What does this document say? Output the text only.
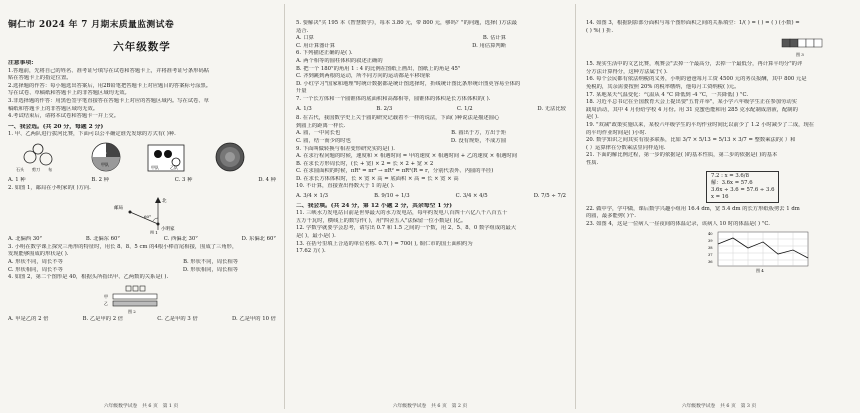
铜仁市 2024 年 7 月期末质量监测试卷
六年级数学
注意事项:
1.答题前，先将自己的姓名、准考证号填写在试卷和答题卡上，并将准考证号条形码粘
贴在答题卡上的指定位置。
2.选择题的作答：每小题选出答案后，用2B铅笔把答题卡上对应题目的答案标号涂黑。
写在试卷、草稿纸和答题卡上的非答题区域均无效。
3.非选择题的作答：用黑色签字笔直接答在答题卡上对应的答题区域内。写在试卷、草
稿纸和答题卡上的非答题区域均无效。
4.考试结束后，请将本试卷和答题卡一并上交。
一、我会选。(共 20 分，每题 2 分)
1. 甲、乙两队进行拔河比赛，下面可以公平确定谁先发球的方式有( )种.
石头 剪刀 布
乙队
甲队
甲队	乙队
A. 1 种	B. 2 种	C. 3 种	D. 4 种
2. 如图 1，邮局在小明家的( )方向.
北
小明家
邮局
60°
图 1
A. 北偏西 30°	B. 北偏东 60°	C. 西偏北 30°	D. 东偏北 60°
3. 小明在数学课上探究三角形的特征时，用长 8、8、5 cm 的4根小棒首尾相接，围成了三角形，
发现能够围成的形状是( ).
A. 形状不同，周长不等	B. 形状不同，周长相等
C. 形状相同，周长不等	D. 形状相同，周长相等
4. 如图 2，第二个图形是 40，根据头所指出甲、乙两数的关系是( ).
甲
乙
图 2
A. 甲是乙的 2 倍	B. 乙是甲的 2 倍	C. 乙是甲的 3 倍	D. 乙是甲的 10 倍
六年级数学试卷　共 6 页　第 1 页
5. 要解决"买 195 本《智慧数学》，每本 3.80 元，带 800 元，够吗？"的问题，选择( )方法最
适合.
A. 口算	B. 估计算
C. 用计算器计算	D. 用估算判断
6. 下列描述正确的是( ).
A. 两个相等的圆柱体积的叙述正确的
B. 把一个 180°的角用 1 : 4 的比例在图纸上画出，图纸上的角是 45°
C. 齐到跳到两根的运动，所不同方向的运动都是平移现象
D. 小红学习"国家和地理"时统计数据都是统计图选择时，折线统计图比条形统计图更容易全体的
升量
7. 一个长方体和一个圆锥体的底面积和高都相等，圆锥体的体积是长方体体积的( ).
A. 1/3	B. 2/3	C. 1/2	D. 无法比较
8. 在古代，我国数学史上关于圆的研究记载着不一样的说法，下面( )种说法是描述圆心
到圆上的距离一样长.
A. 圆，一中同长也	B. 圆出于方，方出于矩
C. 圆，结一而少的时也	D. 没有规矩，不成方圆
9. 下面叫做转换与相差变形研究实的是( ).
A. 在求行程问题的时候，速度和 × 相遇时间 = 甲的速度 × 相遇时间 + 乙的速度 × 相遇时间
B. 在求长方形周长时，(长 + 宽) × 2 = 长 × 2 + 宽 × 2
C. 在求圆面积的时候，πR² = πr² → πR² = πR²(R = r，分别代表外、内圆的半径)
D. 在求长方体体积时，长 × 宽 × 高 = 底面积 × 高 = 长 × 宽 × 高
10. 不计算，直接查出得数大于 1 的是( ).
A. 3/4 × 1/3	B. 9/10 ÷ 1/3	C. 3/4 × 4/5	D. 7/5 ÷ 7/2
二、我会填。(共 24 分，第 12 小题 2 分，其余每空 1 分)
11. 三峡水力发电站目前是世界最大的水力发电站，每年约发电八百四十六亿八千八百五十
五万千瓦时，横线上的数写作( )，用"四舍五入"法保留一位小数是( )亿。
12. 学数学就要学会思考，请写出 0.7 和 1.5 之间的一个数，用 2、5、8、0 数字组成的最大
是( )，最小是( ).
13. 在括号里填上合适的单位名称. 0.7( ) = 700( ), 铜仁市的国土面积约为
17.62 万( ).
六年级数学试卷　共 6 页　第 2 页
14. 如图 3，根据阴影部分面积与每个图形面积之间的关系填空：1/( ) = ( ) = ( ) (小数) =
( ) %( ) 折.
图 3
15. 现实生活中的文艺比赛，观赛会"去掉一个最高分，去掉一个最低分，再计算平均分"的评
分方法计算得分，这种方法属于( ).
16. 每个公民都有依法纳税的义务，小明的爸爸每月工资 4500 元的务员报酬，其中 800 元是
免税的，其余需要按照 20% 的税率缴纳，他每月工资纳税( )元。
17. 某地某天气温变化：气温从 4 °C 降低到 -4 °C，一共降低( ) °C.
18. 习近平总书记在全国教育大会上提出要"五育并举"，某小学六年级学生正在参加劳动实
践周活动，其中 4 月份给学校 4 月份。用 31 克蜜色能和用 285 克水配制成溶液，配制的
是( ).
19. "双减"政策实施以来，某校六年级学生的平均作业时间比以前少了 1.2 小时减少了二成，现在
的平均作业时间是( )小时.
20. 数学知识之间其实有很多联系，比如 3/7 × 5/13 = 5/13 × 3/7 = 整数乘法的( ）和
( ）运算律在分数乘法里同样适用.
21. 下面的解比例过程，第一步的依据是( )的基本性质，第二步的依据是( )的基本
性质.
7.2 : x = 3.6/8
解：3.6x = 57.6
3.6x ÷ 3.6 = 57.6 ÷ 3.6
x = 16
22. 做中学，学中做，课后数学兴趣小组用 16.4 dm，宽 5.4 dm 的长方形纸板剪去 1 dm
的圆，最多能剪( )个.
23. 如图 4，这是一位病人一昼夜间的体温记录，该病人 10 时的体温是( ) °C.
40
39
38
37
36
图 4
六年级数学试卷　共 6 页　第 3 页
